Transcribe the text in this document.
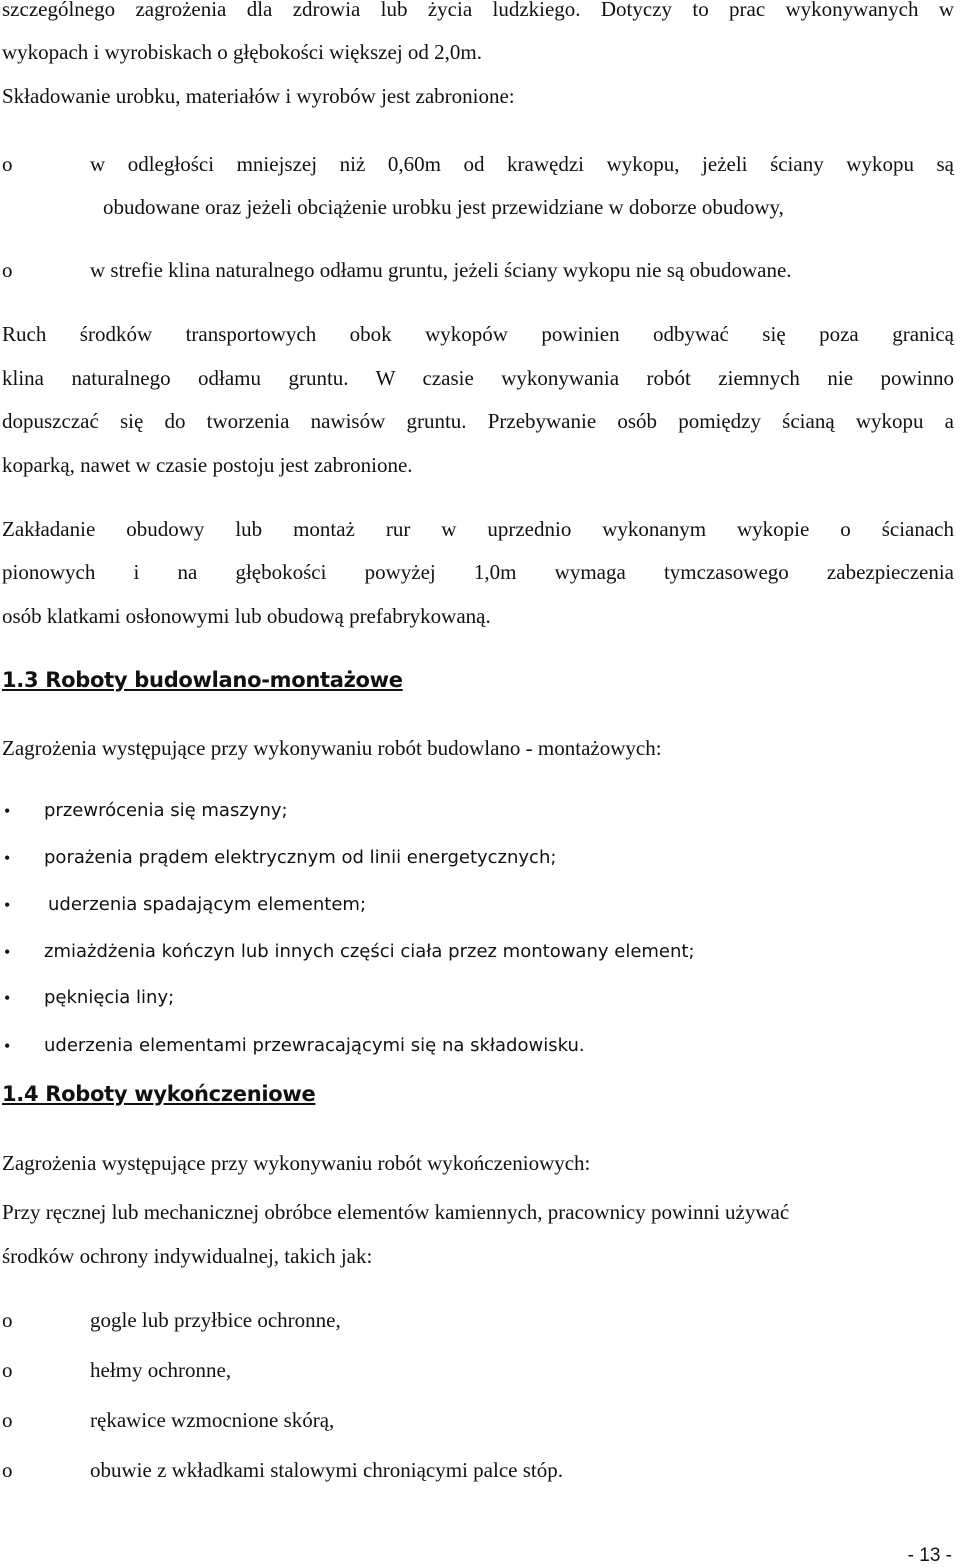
szczególnego zagrożenia dla zdrowia lub życia ludzkiego. Dotyczy to prac wykonywanych w
wykopach i wyrobiskach o głębokości większej od 2,0m.
Składowanie urobku, materiałów i wyrobów jest zabronione:
o	w odległości mniejszej niż 0,60m od krawędzi wykopu, jeżeli ściany wykopu są
obudowane oraz jeżeli obciążenie urobku jest przewidziane w doborze obudowy,
o	w strefie klina naturalnego odłamu gruntu, jeżeli ściany wykopu nie są obudowane.
Ruch środków transportowych obok wykopów powinien odbywać się poza granicą
klina naturalnego odłamu gruntu. W czasie wykonywania robót ziemnych nie powinno
dopuszczać się do tworzenia nawisów gruntu. Przebywanie osób pomiędzy ścianą wykopu a
koparką, nawet w czasie postoju jest zabronione.
Zakładanie obudowy lub montaż rur w uprzednio wykonanym wykopie o ścianach
pionowych i na głębokości powyżej 1,0m wymaga tymczasowego zabezpieczenia
osób klatkami osłonowymi lub obudową prefabrykowaną.
1.3 Roboty budowlano-montażowe
Zagrożenia występujące przy wykonywaniu robót budowlano - montażowych:
• przewrócenia się maszyny;
• porażenia prądem elektrycznym od linii energetycznych;
• uderzenia spadającym elementem;
• zmiażdżenia kończyn lub innych części ciała przez montowany element;
• pęknięcia liny;
• uderzenia elementami przewracającymi się na składowisku.
1.4 Roboty wykończeniowe
Zagrożenia występujące przy wykonywaniu robót wykończeniowych:
Przy ręcznej lub mechanicznej obróbce elementów kamiennych, pracownicy powinni używać
środków ochrony indywidualnej, takich jak:
o	gogle lub przyłbice ochronne,
o	hełmy ochronne,
o	rękawice wzmocnione skórą,
o	obuwie z wkładkami stalowymi chroniącymi palce stóp.
- 13 -
